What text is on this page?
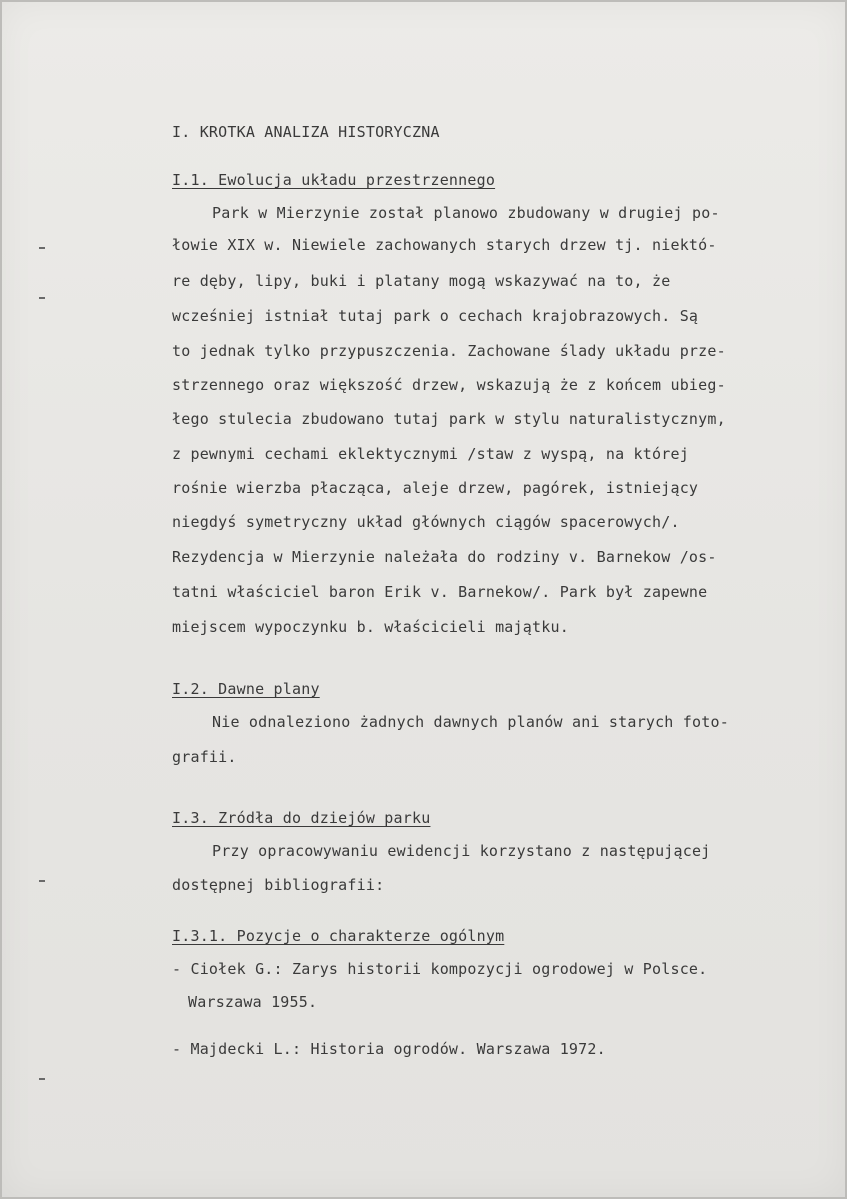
I. KROTKA ANALIZA HISTORYCZNA
I.1. Ewolucja układu przestrzennego
Park w Mierzynie został planowo zbudowany w drugiej po-
łowie XIX w. Niewiele zachowanych starych drzew tj. niektó-
re dęby, lipy, buki i platany mogą wskazywać na to, że
wcześniej istniał tutaj park o cechach krajobrazowych. Są
to jednak tylko przypuszczenia. Zachowane ślady układu prze-
strzennego oraz większość drzew, wskazują że z końcem ubieg-
łego stulecia zbudowano tutaj park w stylu naturalistycznym,
z pewnymi cechami eklektycznymi /staw z wyspą, na której
rośnie wierzba płacząca, aleje drzew, pagórek, istniejący
niegdyś symetryczny układ głównych ciągów spacerowych/.
Rezydencja w Mierzynie należała do rodziny v. Barnekow /os-
tatni właściciel baron Erik v. Barnekow/. Park był zapewne
miejscem wypoczynku b. właścicieli majątku.
I.2. Dawne plany
Nie odnaleziono żadnych dawnych planów ani starych foto-
grafii.
I.3. Zródła do dziejów parku
Przy opracowywaniu ewidencji korzystano z następującej
dostępnej bibliografii:
I.3.1. Pozycje o charakterze ogólnym
- Ciołek G.: Zarys historii kompozycji ogrodowej w Polsce.
Warszawa 1955.
- Majdecki L.: Historia ogrodów. Warszawa 1972.
